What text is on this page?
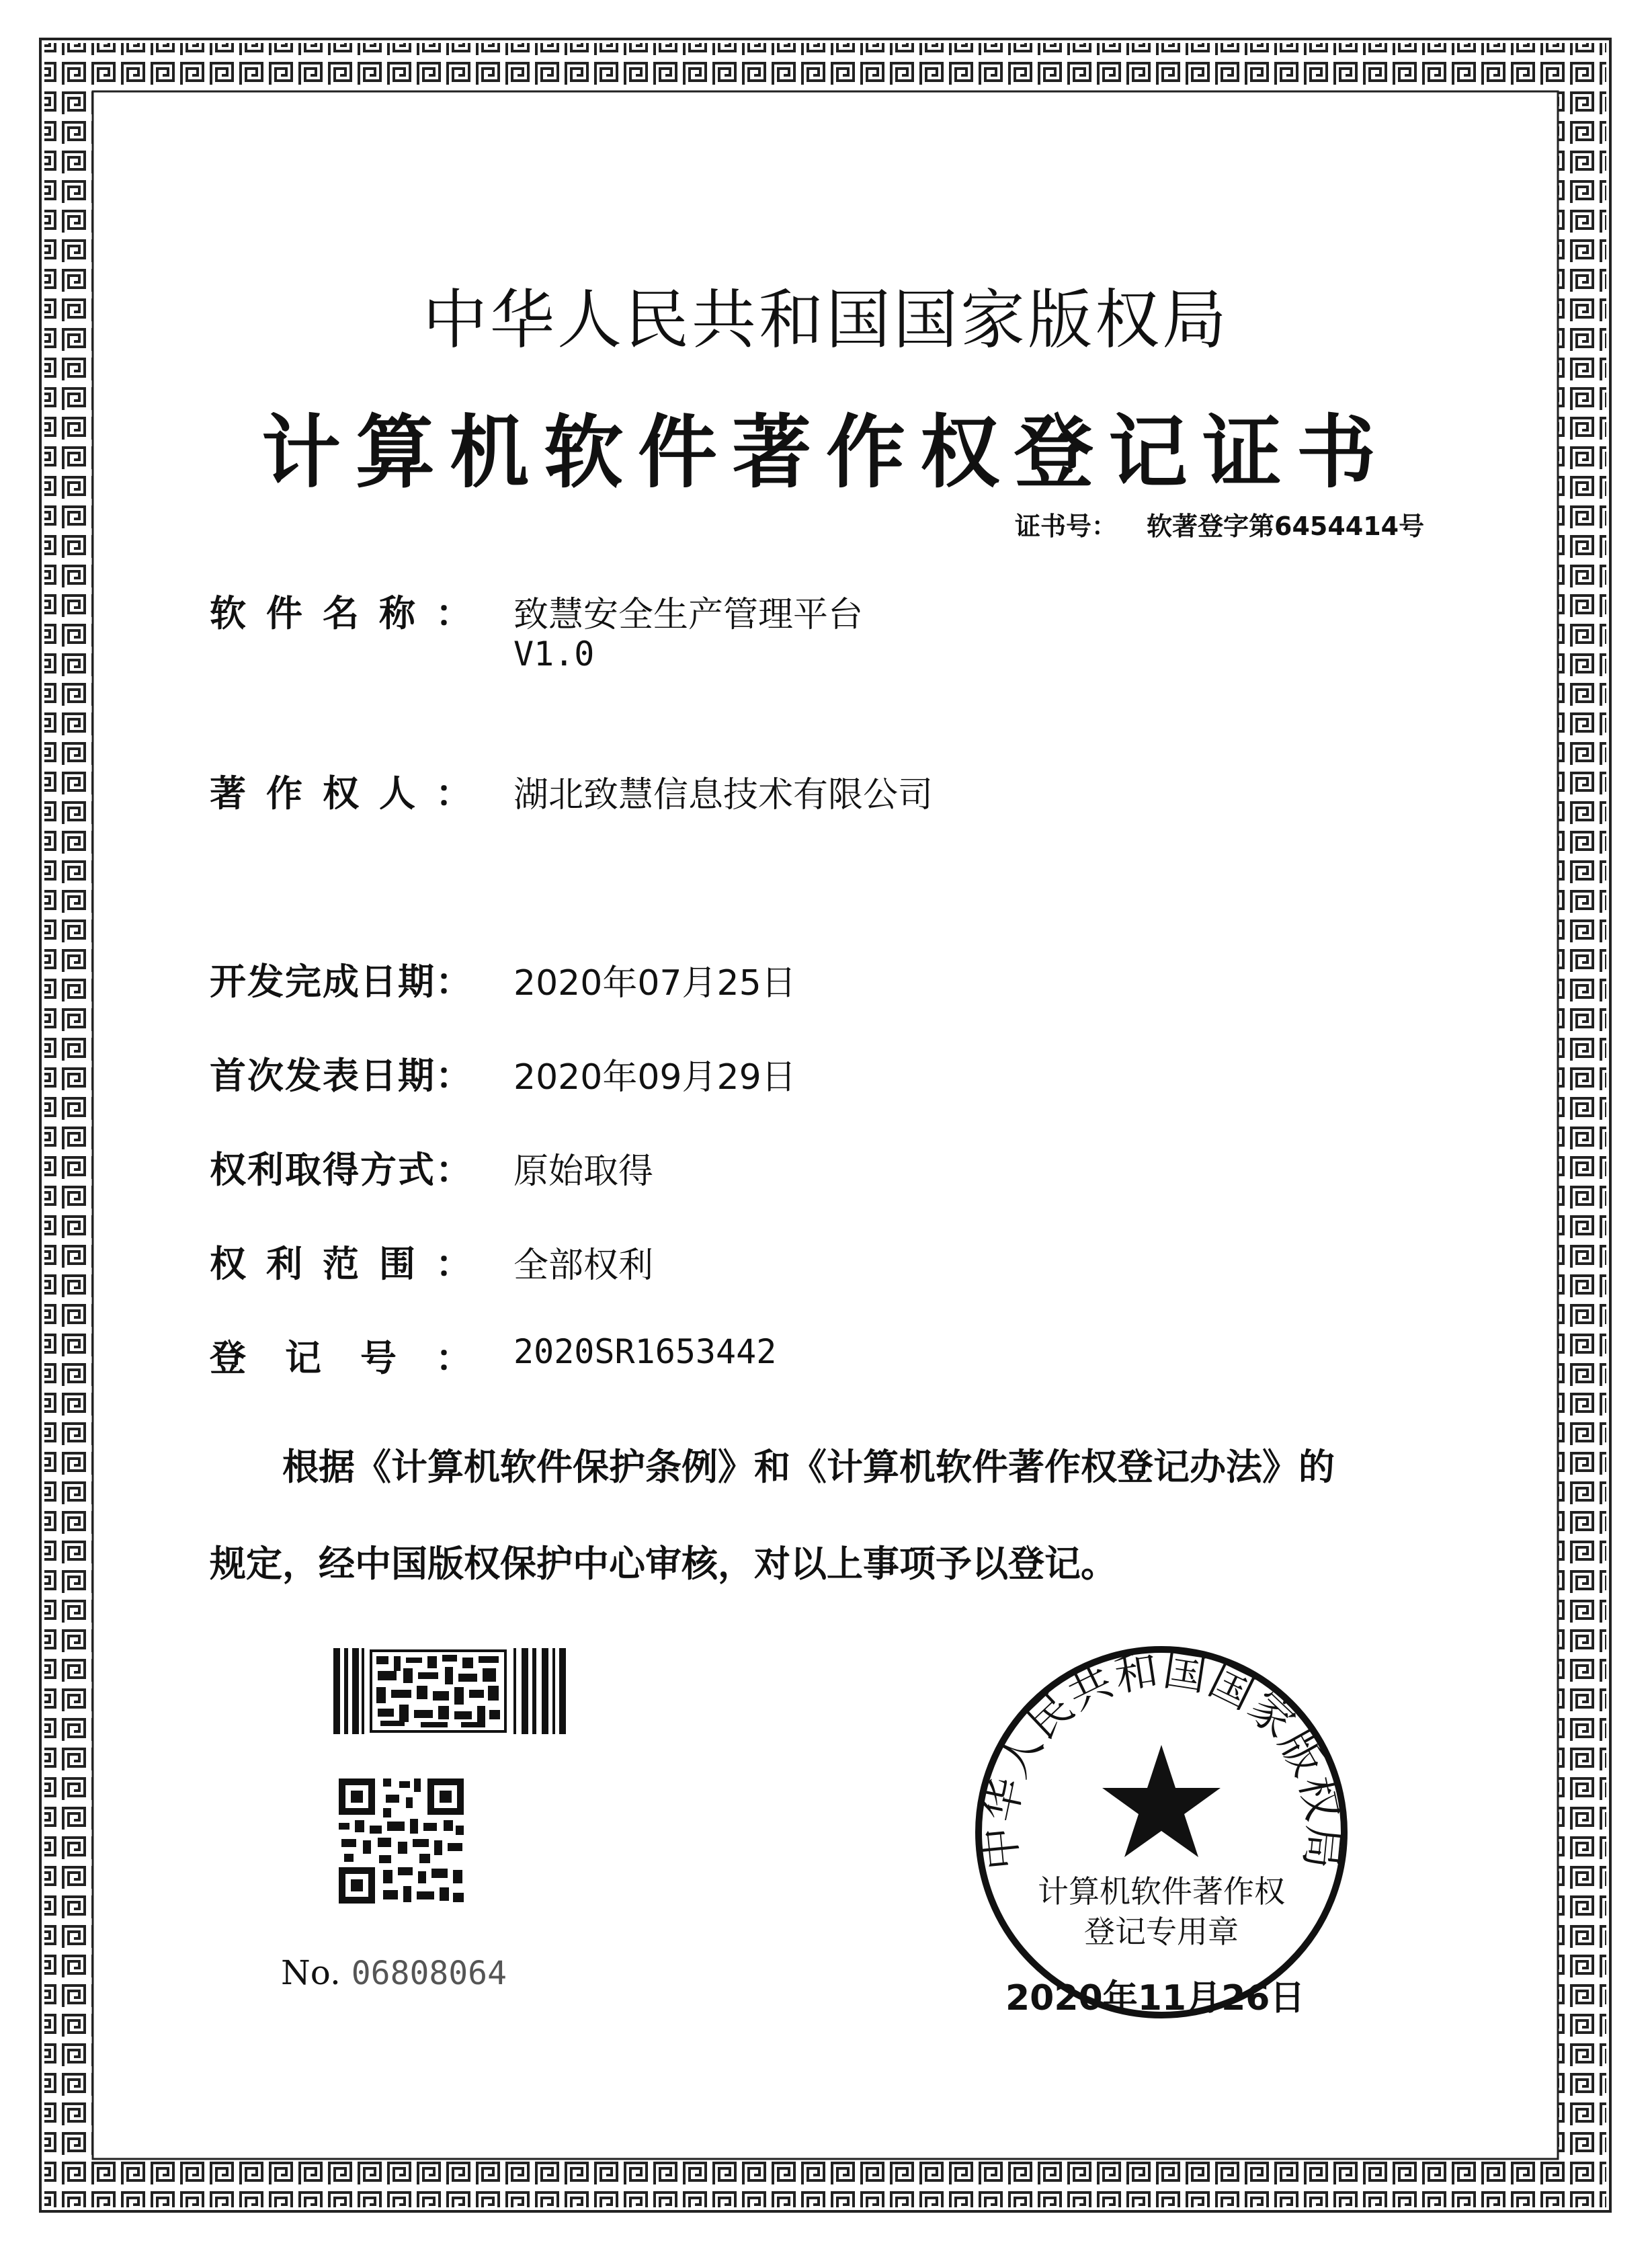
中华人民共和国国家版权局
计算机软件著作权登记证书
证书号： 软著登字第6454414号
软 件 名 称 ： 致慧安全生产管理平台
V1.0
著 作 权 人 ： 湖北致慧信息技术有限公司
开 发 完 成 日 期 ： 2020年07月25日
首 次 发 表 日 期 ： 2020年09月29日
权 利 取 得 方 式 ： 原始取得
权 利 范 围 ： 全部权利
登 记 号 ： 2020SR1653442
根据《计算机软件保护条例》和《计算机软件著作权登记办法》的
规定，经中国版权保护中心审核，对以上事项予以登记。
No. 06808064
中华人民共和国国家版权局
计算机软件著作权
登记专用章
2020年11月26日
